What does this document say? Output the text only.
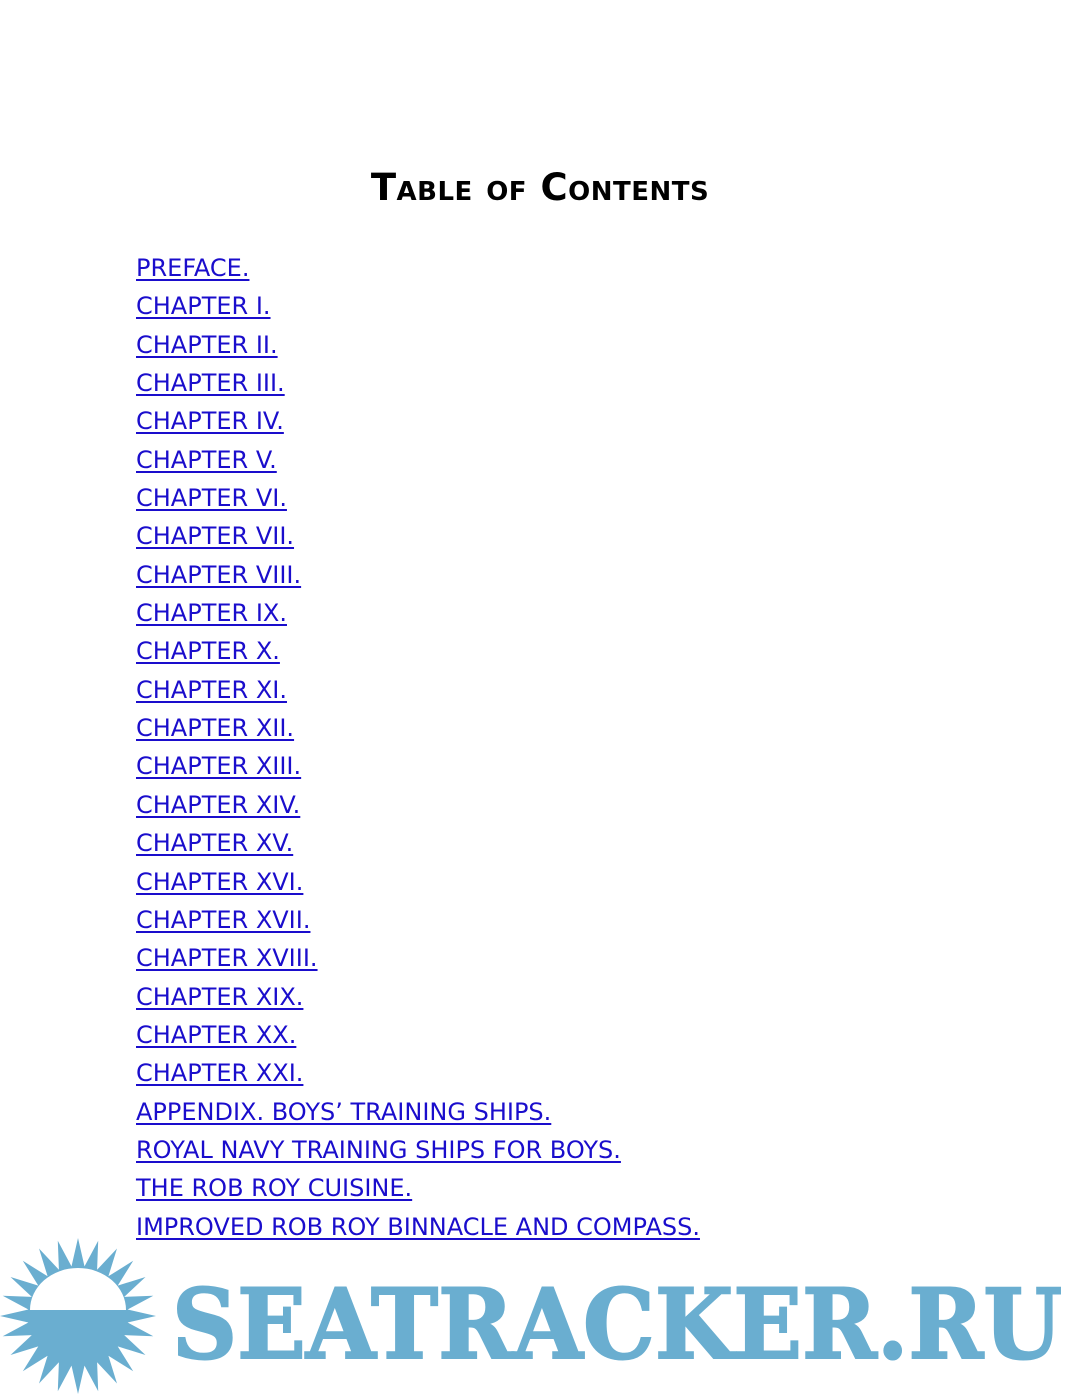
Table of Contents
PREFACE.
CHAPTER I.
CHAPTER II.
CHAPTER III.
CHAPTER IV.
CHAPTER V.
CHAPTER VI.
CHAPTER VII.
CHAPTER VIII.
CHAPTER IX.
CHAPTER X.
CHAPTER XI.
CHAPTER XII.
CHAPTER XIII.
CHAPTER XIV.
CHAPTER XV.
CHAPTER XVI.
CHAPTER XVII.
CHAPTER XVIII.
CHAPTER XIX.
CHAPTER XX.
CHAPTER XXI.
APPENDIX. BOYS’ TRAINING SHIPS.
ROYAL NAVY TRAINING SHIPS FOR BOYS.
THE ROB ROY CUISINE.
IMPROVED ROB ROY BINNACLE AND COMPASS.
SEATRACKER.RU
